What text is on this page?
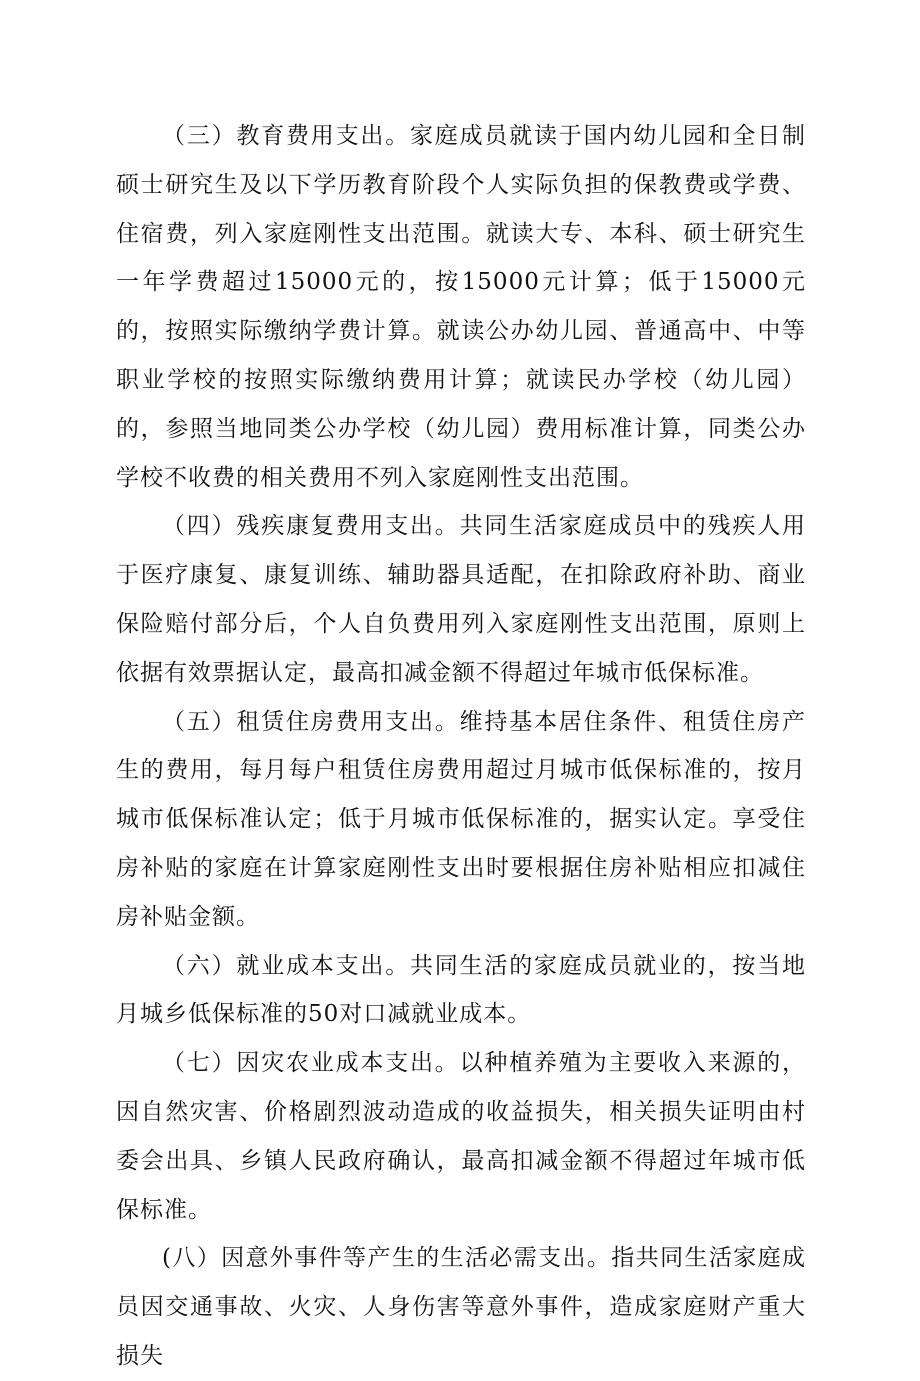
（三）教育费用支出。家庭成员就读于国内幼儿园和全日制硕士研究生及以下学历教育阶段个人实际负担的保教费或学费、住宿费，列入家庭刚性支出范围。就读大专、本科、硕士研究生一年学费超过15000元的，按15000元计算；低于15000元的，按照实际缴纳学费计算。就读公办幼儿园、普通高中、中等职业学校的按照实际缴纳费用计算；就读民办学校（幼儿园）的，参照当地同类公办学校（幼儿园）费用标准计算，同类公办学校不收费的相关费用不列入家庭刚性支出范围。

（四）残疾康复费用支出。共同生活家庭成员中的残疾人用于医疗康复、康复训练、辅助器具适配，在扣除政府补助、商业保险赔付部分后，个人自负费用列入家庭刚性支出范围，原则上依据有效票据认定，最高扣减金额不得超过年城市低保标准。

（五）租赁住房费用支出。维持基本居住条件、租赁住房产生的费用，每月每户租赁住房费用超过月城市低保标准的，按月城市低保标准认定；低于月城市低保标准的，据实认定。享受住房补贴的家庭在计算家庭刚性支出时要根据住房补贴相应扣减住房补贴金额。

（六）就业成本支出。共同生活的家庭成员就业的，按当地月城乡低保标准的50对口减就业成本。

（七）因灾农业成本支出。以种植养殖为主要收入来源的，因自然灾害、价格剧烈波动造成的收益损失，相关损失证明由村委会出具、乡镇人民政府确认，最高扣减金额不得超过年城市低保标准。

(八）因意外事件等产生的生活必需支出。指共同生活家庭成员因交通事故、火灾、人身伤害等意外事件，造成家庭财产重大损失
